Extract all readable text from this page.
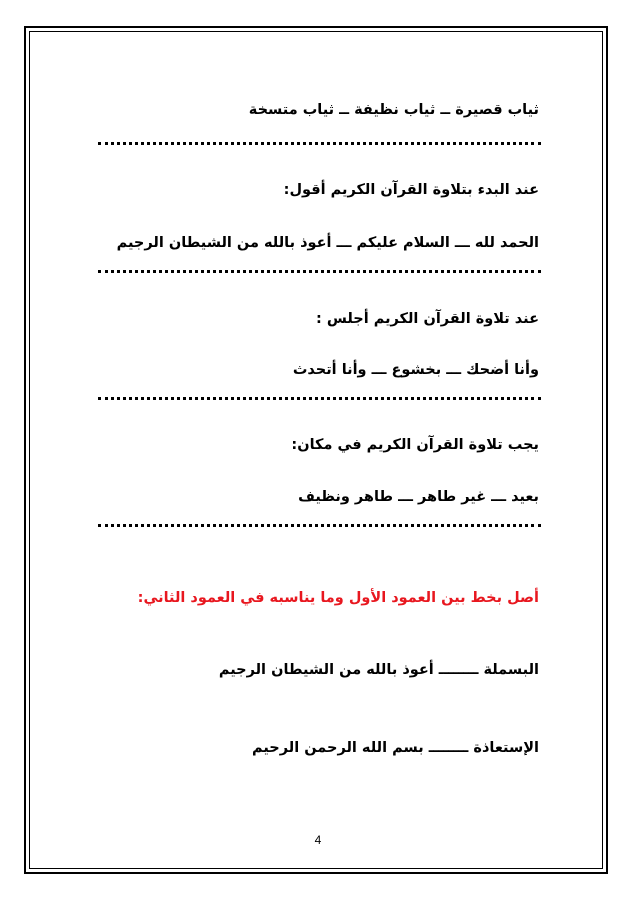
ثياب قصيرة ــ ثياب نظيفة ــ ثياب متسخة
عند البدء بتلاوة القرآن الكريم أقول:
الحمد لله ـــ السلام عليكم ـــ أعوذ بالله من الشيطان الرجيم
عند تلاوة القرآن الكريم أجلس :
وأنا أضحك ـــ بخشوع ـــ وأنا أتحدث
يجب تلاوة القرآن الكريم في مكان:
بعيد ـــ غير طاهر ـــ طاهر ونظيف
أصل بخط بين العمود الأول وما يناسبه في العمود الثاني:
البسملة ــــــــ أعوذ بالله من الشيطان الرجيم
الإستعاذة ــــــــ بسم الله الرحمن الرحيم
4
